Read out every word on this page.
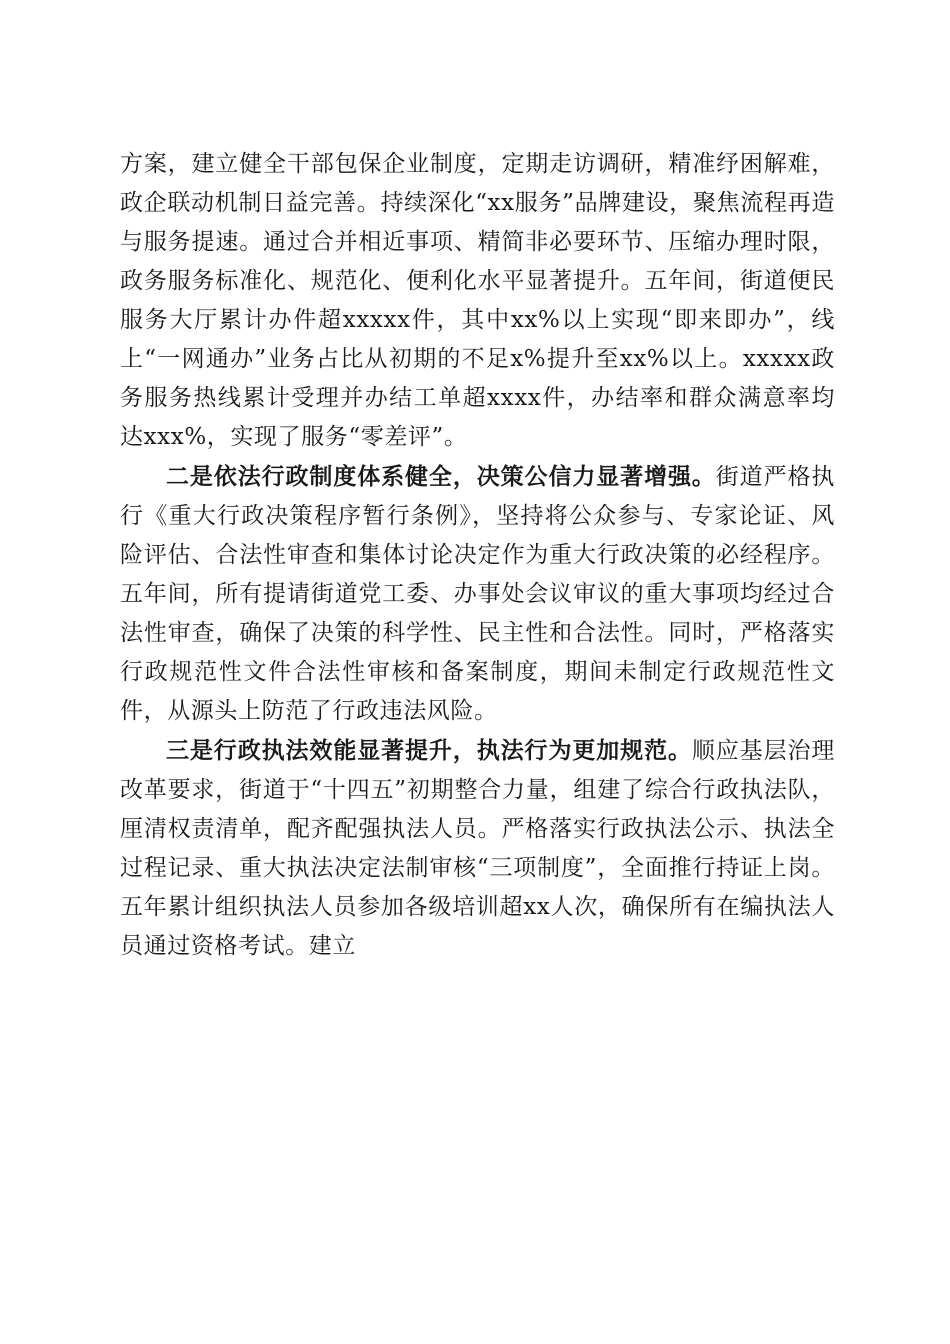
方案，建立健全干部包保企业制度，定期走访调研，精准纾困解难，政企联动机制日益完善。持续深化“xx服务”品牌建设，聚焦流程再造与服务提速。通过合并相近事项、精简非必要环节、压缩办理时限，政务服务标准化、规范化、便利化水平显著提升。五年间，街道便民服务大厅累计办件超xxxxx件，其中xx%以上实现“即来即办”，线上“一网通办”业务占比从初期的不足x%提升至xx%以上。xxxxx政务服务热线累计受理并办结工单超xxxx件，办结率和群众满意率均达xxx%，实现了服务“零差评”。

二是依法行政制度体系健全，决策公信力显著增强。街道严格执行《重大行政决策程序暂行条例》，坚持将公众参与、专家论证、风险评估、合法性审查和集体讨论决定作为重大行政决策的必经程序。五年间，所有提请街道党工委、办事处会议审议的重大事项均经过合法性审查，确保了决策的科学性、民主性和合法性。同时，严格落实行政规范性文件合法性审核和备案制度，期间未制定行政规范性文件，从源头上防范了行政违法风险。

三是行政执法效能显著提升，执法行为更加规范。顺应基层治理改革要求，街道于“十四五”初期整合力量，组建了综合行政执法队，厘清权责清单，配齐配强执法人员。严格落实行政执法公示、执法全过程记录、重大执法决定法制审核“三项制度”，全面推行持证上岗。五年累计组织执法人员参加各级培训超xx人次，确保所有在编执法人员通过资格考试。建立
